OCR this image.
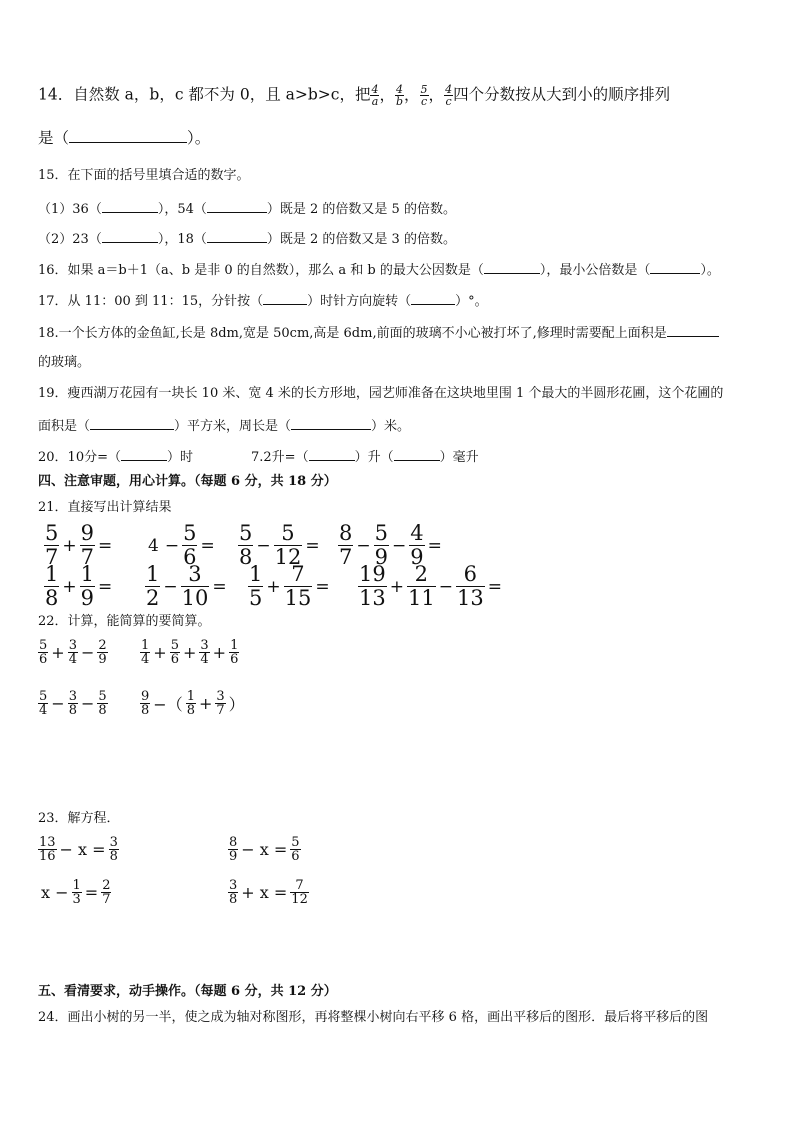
14．自然数 a，b，c 都不为 0，且 a>b>c，把 $\frac{4}{a}$ ， $\frac{4}{b}$ ， $\frac{5}{c}$ ， $\frac{4}{c}$ 四个分数按从大到小的顺序排列
是（	）。
15．在下面的括号里填合适的数字。
（1）36（	），54（	）既是 2 的倍数又是 5 的倍数。
（2）23（	），18（	）既是 2 的倍数又是 3 的倍数。
16．如果 a＝b＋1（a、b 是非 0 的自然数），那么 a 和 b 的最大公因数是（	），最小公倍数是（	）。
17．从 11：00 到 11：15，分针按（	）时针方向旋转（	）°。
18.一个长方体的金鱼缸,长是 8dm,宽是 50cm,高是 6dm,前面的玻璃不小心被打坏了,修理时需要配上面积是
的玻璃。
19．瘦西湖万花园有一块长 10 米、宽 4 米的长方形地，园艺师准备在这块地里围 1 个最大的半圆形花圃，这个花圃的
面积是（	）平方米，周长是（	）米。
20．10分=（	）时	7.2升=（	）升（	）毫升
四、注意审题，用心计算。（每题 6 分，共 18 分）
21．直接写出计算结果
$\frac{5}{7} + \frac{9}{7} = 4 - \frac{5}{6} = \frac{5}{8} - \frac{5}{12} = \frac{8}{7} - \frac{5}{9} - \frac{4}{9}$ =
$\frac{1}{8} + \frac{1}{9} = \frac{1}{2} - \frac{3}{10} = \frac{1}{5} + \frac{7}{15} = \frac{19}{13} + \frac{2}{11} - \frac{6}{13}$ =
22．计算，能简算的要简算。
$\frac{5}{6} + \frac{3}{4} - \frac{2}{9} \frac{1}{4} + \frac{5}{6} + \frac{3}{4} + \frac{1}{6}$
$\frac{5}{4} - \frac{3}{8} - \frac{5}{8} \frac{9}{8}$ −（ $\frac{1}{8} + \frac{3}{7}$ ）
23．解方程．
$\frac{13}{16} - x = \frac{3}{8}$	$\frac{8}{9} - x = \frac{5}{6}$
$x - \frac{1}{3} = \frac{2}{7}$	$\frac{3}{8} + x = \frac{7}{12}$
五、看清要求，动手操作。（每题 6 分，共 12 分）
24．画出小树的另一半，使之成为轴对称图形，再将整棵小树向右平移 6 格，画出平移后的图形．最后将平移后的图
